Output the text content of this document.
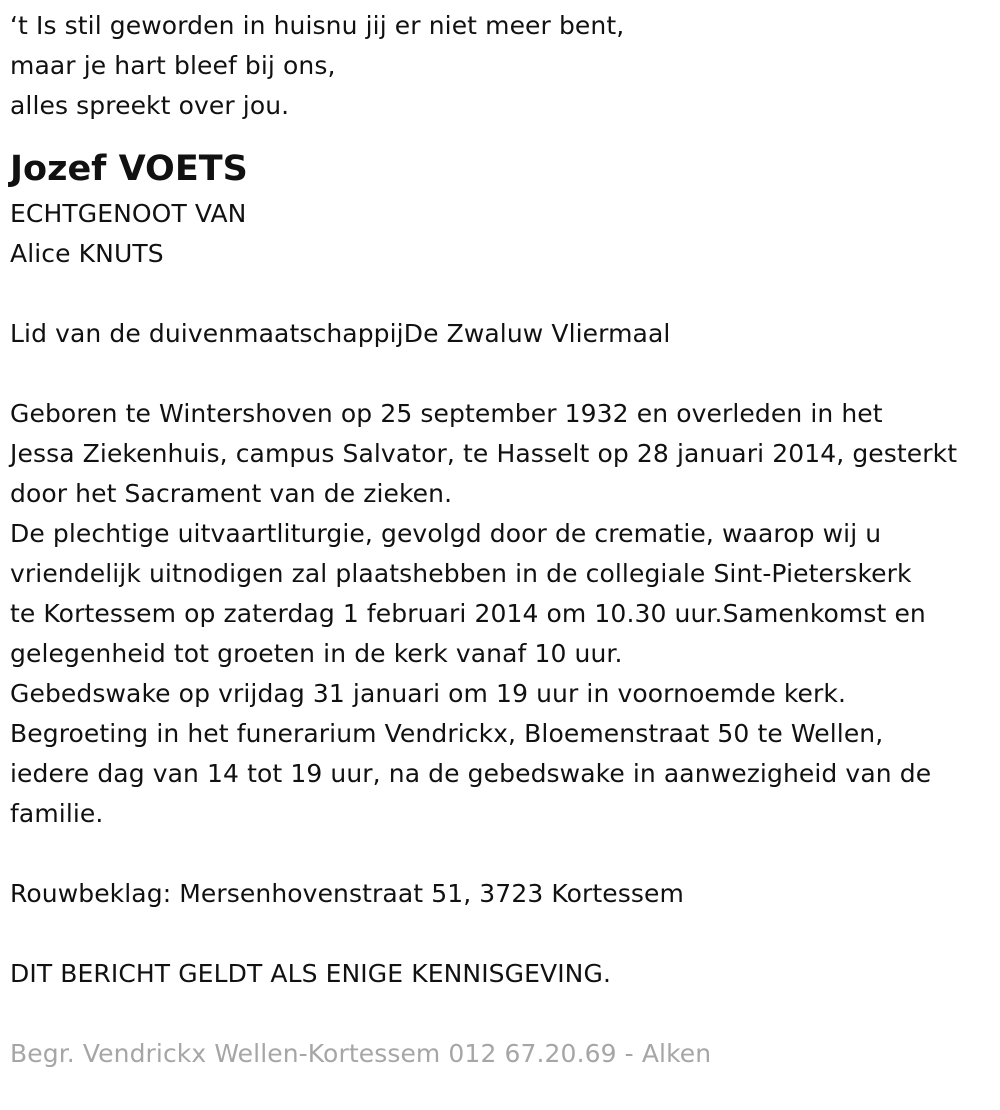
‘t Is stil geworden in huisnu jij er niet meer bent,
maar je hart bleef bij ons,
alles spreekt over jou.
Jozef VOETS
ECHTGENOOT VAN
Alice KNUTS
Lid van de duivenmaatschappijDe Zwaluw Vliermaal
Geboren te Wintershoven op 25 september 1932 en overleden in het
Jessa Ziekenhuis, campus Salvator, te Hasselt op 28 januari 2014, gesterkt
door het Sacrament van de zieken.
De plechtige uitvaartliturgie, gevolgd door de crematie, waarop wij u
vriendelijk uitnodigen zal plaatshebben in de collegiale Sint-Pieterskerk
te Kortessem op zaterdag 1 februari 2014 om 10.30 uur.Samenkomst en
gelegenheid tot groeten in de kerk vanaf 10 uur.
Gebedswake op vrijdag 31 januari om 19 uur in voornoemde kerk.
Begroeting in het funerarium Vendrickx, Bloemenstraat 50 te Wellen,
iedere dag van 14 tot 19 uur, na de gebedswake in aanwezigheid van de
familie.
Rouwbeklag: Mersenhovenstraat 51, 3723 Kortessem
DIT BERICHT GELDT ALS ENIGE KENNISGEVING.
Begr. Vendrickx Wellen-Kortessem 012 67.20.69 - Alken
